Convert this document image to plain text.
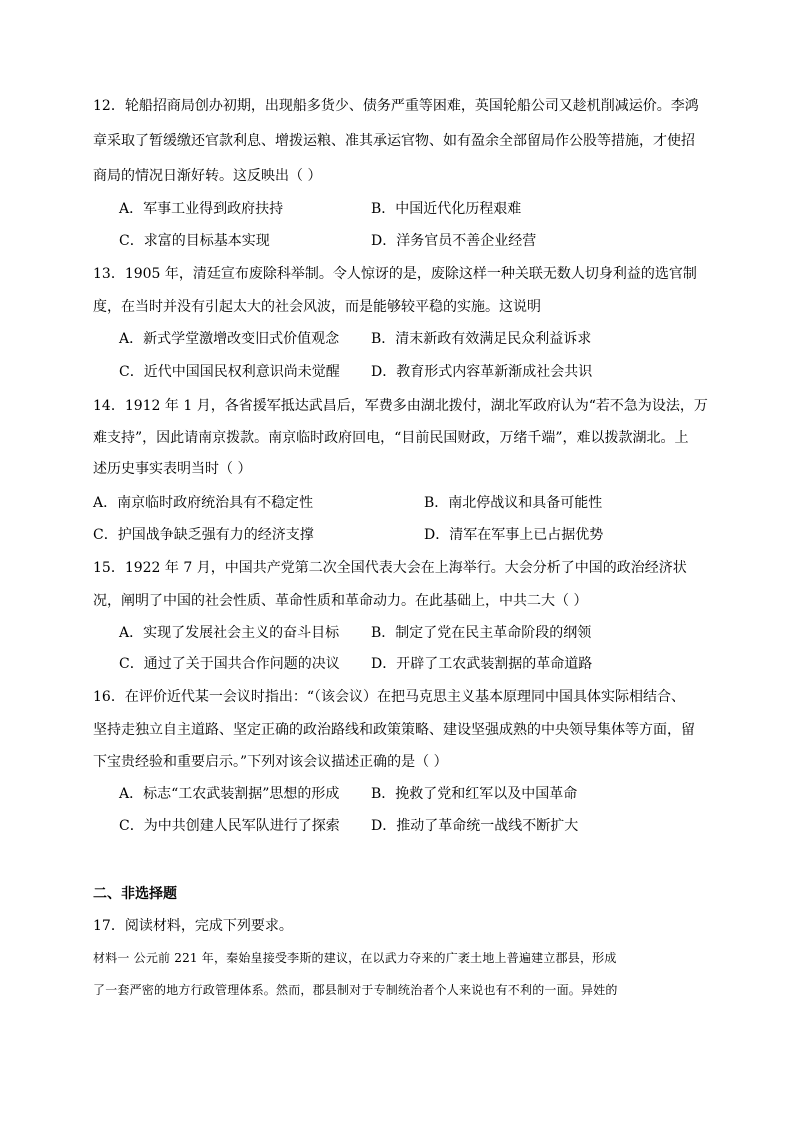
12．轮船招商局创办初期，出现船多货少、债务严重等困难，英国轮船公司又趁机削减运价。李鸿
章采取了暂缓缴还官款利息、增拨运粮、准其承运官物、如有盈余全部留局作公股等措施，才使招
商局的情况日渐好转。这反映出（ ）
A．军事工业得到政府扶持	B．中国近代化历程艰难
C．求富的目标基本实现	D．洋务官员不善企业经营
13．1905 年，清廷宣布废除科举制。令人惊讶的是，废除这样一种关联无数人切身利益的选官制
度，在当时并没有引起太大的社会风波，而是能够较平稳的实施。这说明
A．新式学堂激增改变旧式价值观念 B．清末新政有效满足民众利益诉求
C．近代中国国民权利意识尚未觉醒 D．教育形式内容革新渐成社会共识
14．1912 年 1 月，各省援军抵达武昌后，军费多由湖北拨付，湖北军政府认为“若不急为设法，万
难支持”，因此请南京拨款。南京临时政府回电，“目前民国财政，万绪千端”，难以拨款湖北。上
述历史事实表明当时（ ）
A．南京临时政府统治具有不稳定性	B．南北停战议和具备可能性
C．护国战争缺乏强有力的经济支撑	D．清军在军事上已占据优势
15．1922 年 7 月，中国共产党第二次全国代表大会在上海举行。大会分析了中国的政治经济状
况，阐明了中国的社会性质、革命性质和革命动力。在此基础上，中共二大（ ）
A．实现了发展社会主义的奋斗目标 B．制定了党在民主革命阶段的纲领
C．通过了关于国共合作问题的决议 D．开辟了工农武装割据的革命道路
16．在评价近代某一会议时指出：“（该会议）在把马克思主义基本原理同中国具体实际相结合、
坚持走独立自主道路、坚定正确的政治路线和政策策略、建设坚强成熟的中央领导集体等方面，留
下宝贵经验和重要启示。”下列对该会议描述正确的是（ ）
A．标志“工农武装割据”思想的形成 B．挽救了党和红军以及中国革命
C．为中共创建人民军队进行了探索 D．推动了革命统一战线不断扩大
二、非选择题
17．阅读材料，完成下列要求。
材料一 公元前 221 年，秦始皇接受李斯的建议，在以武力夺来的广袤土地上普遍建立郡县，形成
了一套严密的地方行政管理体系。然而，郡县制对于专制统治者个人来说也有不利的一面。异姓的
